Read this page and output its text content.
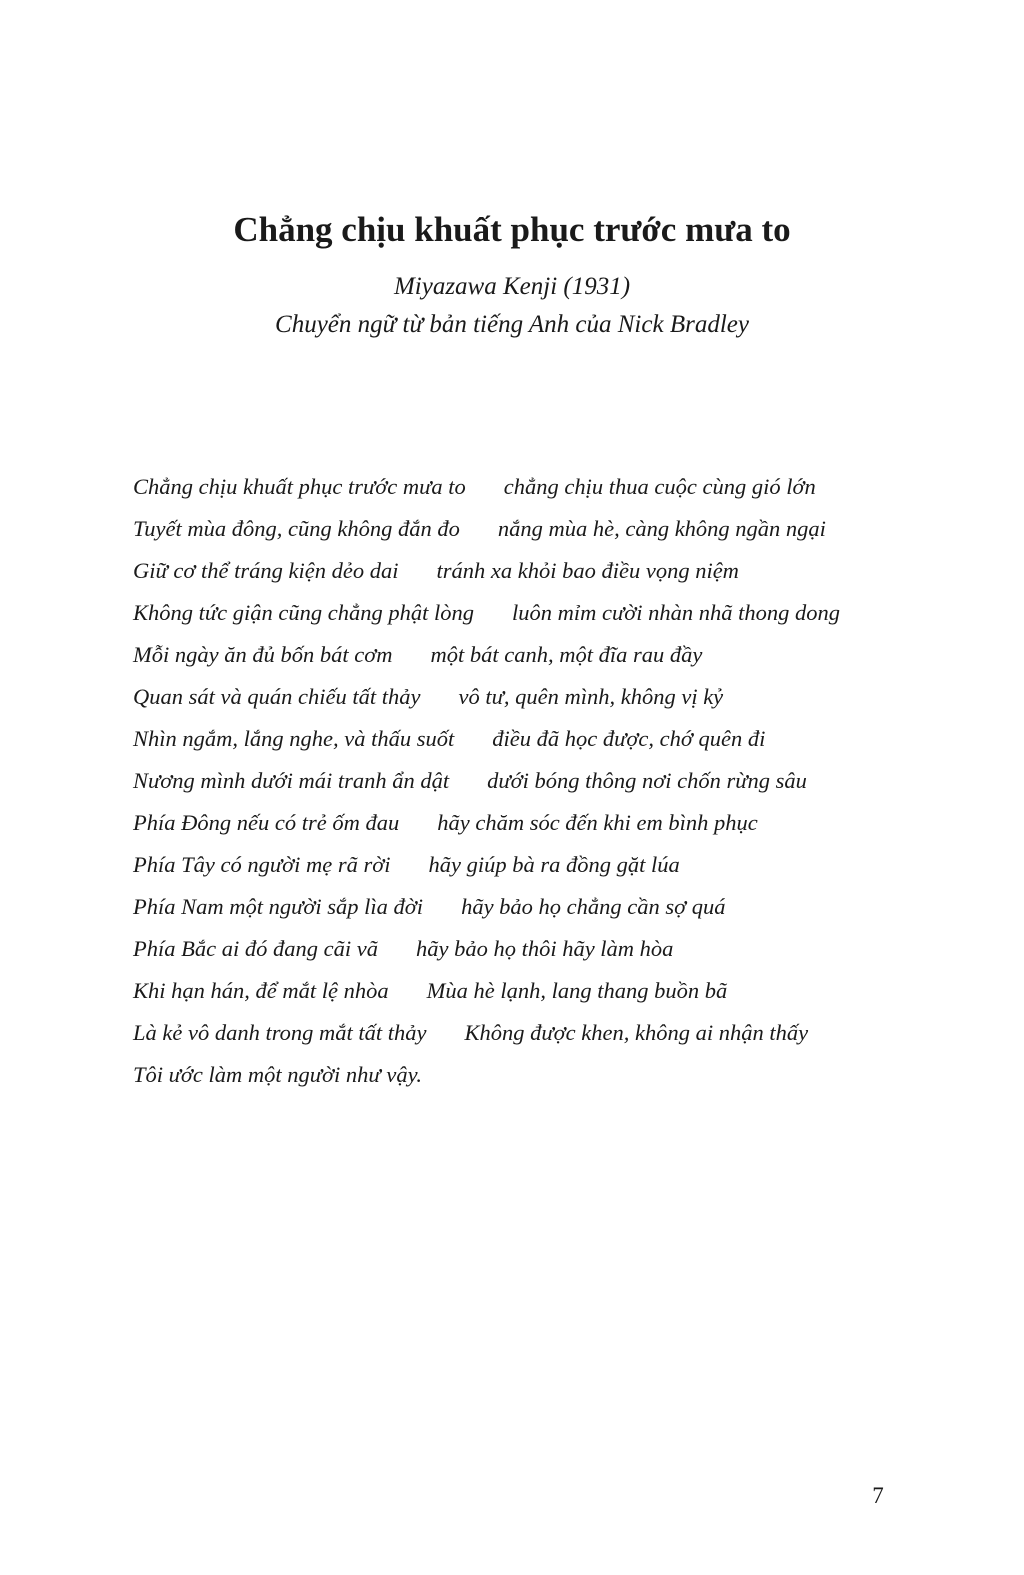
Chẳng chịu khuất phục trước mưa to

Miyazawa Kenji (1931)

Chuyển ngữ từ bản tiếng Anh của Nick Bradley

Chẳng chịu khuất phục trước mưa to chẳng chịu thua cuộc cùng gió lớn
Tuyết mùa đông, cũng không đắn đo nắng mùa hè, càng không ngần ngại
Giữ cơ thể tráng kiện dẻo dai tránh xa khỏi bao điều vọng niệm
Không tức giận cũng chẳng phật lòng luôn mỉm cười nhàn nhã thong dong
Mỗi ngày ăn đủ bốn bát cơm một bát canh, một đĩa rau đầy
Quan sát và quán chiếu tất thảy vô tư, quên mình, không vị kỷ
Nhìn ngắm, lắng nghe, và thấu suốt điều đã học được, chớ quên đi
Nương mình dưới mái tranh ẩn dật dưới bóng thông nơi chốn rừng sâu
Phía Đông nếu có trẻ ốm đau hãy chăm sóc đến khi em bình phục
Phía Tây có người mẹ rã rời hãy giúp bà ra đồng gặt lúa
Phía Nam một người sắp lìa đời hãy bảo họ chẳng cần sợ quá
Phía Bắc ai đó đang cãi vã hãy bảo họ thôi hãy làm hòa
Khi hạn hán, để mắt lệ nhòa Mùa hè lạnh, lang thang buồn bã
Là kẻ vô danh trong mắt tất thảy Không được khen, không ai nhận thấy
Tôi ước làm một người như vậy.
7
